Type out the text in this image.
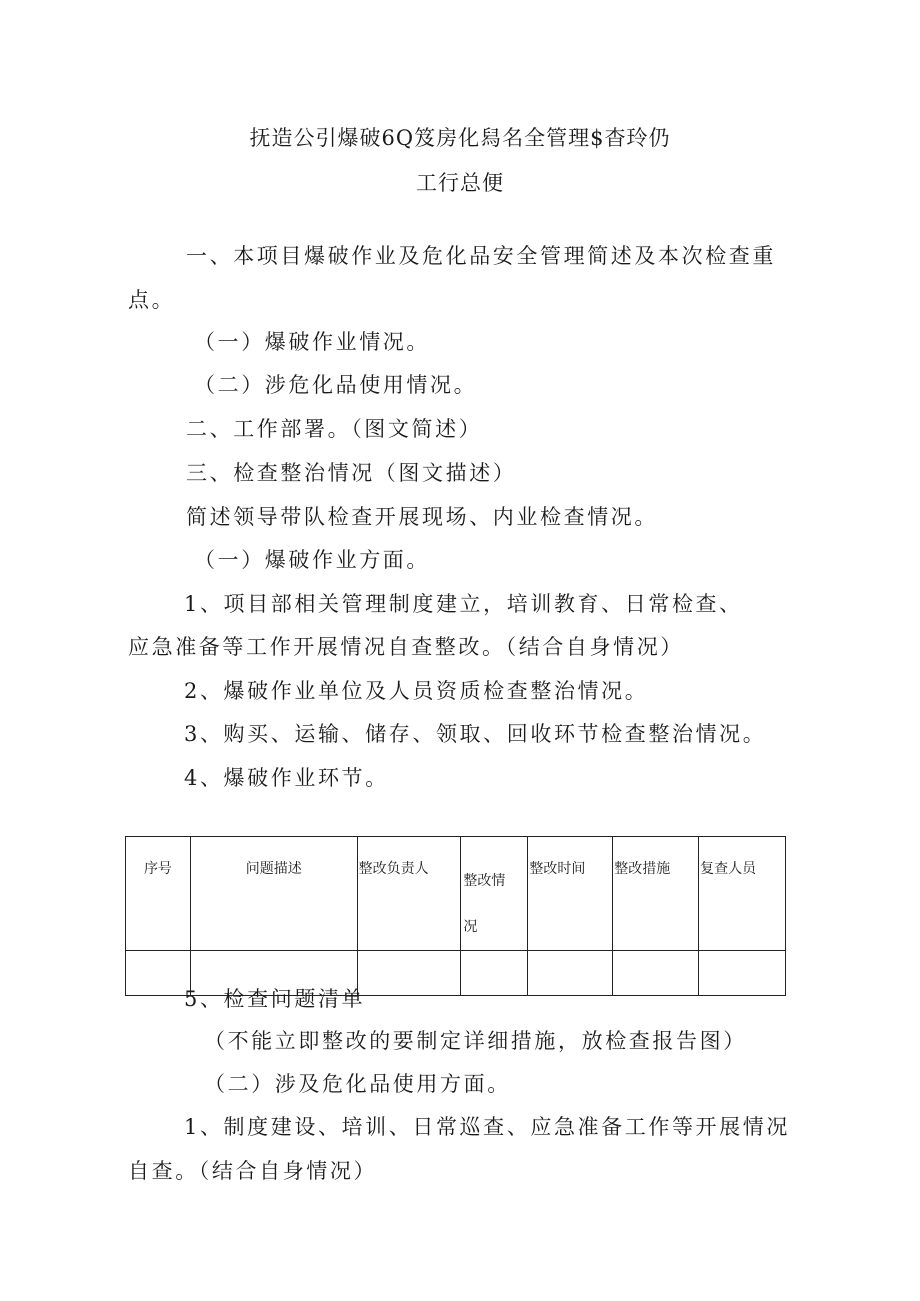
抚造公引爆破6Q笈房化舄名全管理$杳玲仍
工行总便
一、本项目爆破作业及危化品安全管理简述及本次检查重
点。
（一）爆破作业情况。
（二）涉危化品使用情况。
二、工作部署。（图文简述）
三、检查整治情况（图文描述）
简述领导带队检查开展现场、内业检查情况。
（一）爆破作业方面。
1、项目部相关管理制度建立，培训教育、日常检查、
应急准备等工作开展情况自查整改。（结合自身情况）
2、爆破作业单位及人员资质检查整治情况。
3、购买、运输、储存、领取、回收环节检查整治情况。
4、爆破作业环节。
序号	问题描述	整改负责人	整改情况	整改时间	整改措施	复查人员

5、检查问题清单
（不能立即整改的要制定详细措施，放检查报告图）
（二）涉及危化品使用方面。
1、制度建设、培训、日常巡查、应急准备工作等开展情况
自查。（结合自身情况）
